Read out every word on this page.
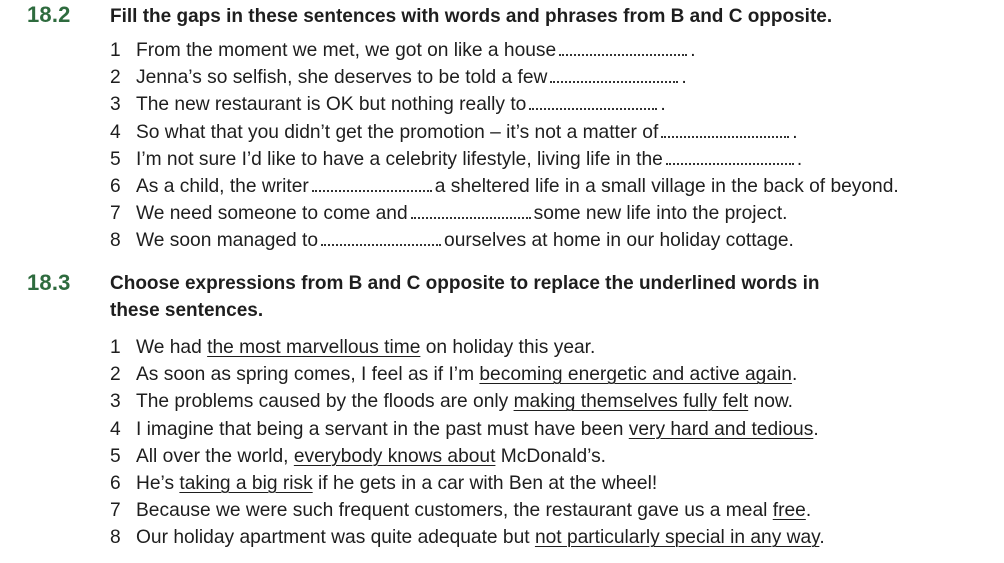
18.2 Fill the gaps in these sentences with words and phrases from B and C opposite.
1 From the moment we met, we got on like a house	.
2 Jenna’s so selfish, she deserves to be told a few	.
3 The new restaurant is OK but nothing really to	.
4 So what that you didn’t get the promotion – it’s not a matter of	.
5 I’m not sure I’d like to have a celebrity lifestyle, living life in the	.
6 As a child, the writer	a sheltered life in a small village in the back of beyond.
7 We need someone to come and	some new life into the project.
8 We soon managed to	ourselves at home in our holiday cottage.
18.3 Choose expressions from B and C opposite to replace the underlined words in
these sentences.
1 We had the most marvellous time on holiday this year.
2 As soon as spring comes, I feel as if I’m becoming energetic and active again.
3 The problems caused by the floods are only making themselves fully felt now.
4 I imagine that being a servant in the past must have been very hard and tedious.
5 All over the world, everybody knows about McDonald’s.
6 He’s taking a big risk if he gets in a car with Ben at the wheel!
7 Because we were such frequent customers, the restaurant gave us a meal free.
8 Our holiday apartment was quite adequate but not particularly special in any way.
